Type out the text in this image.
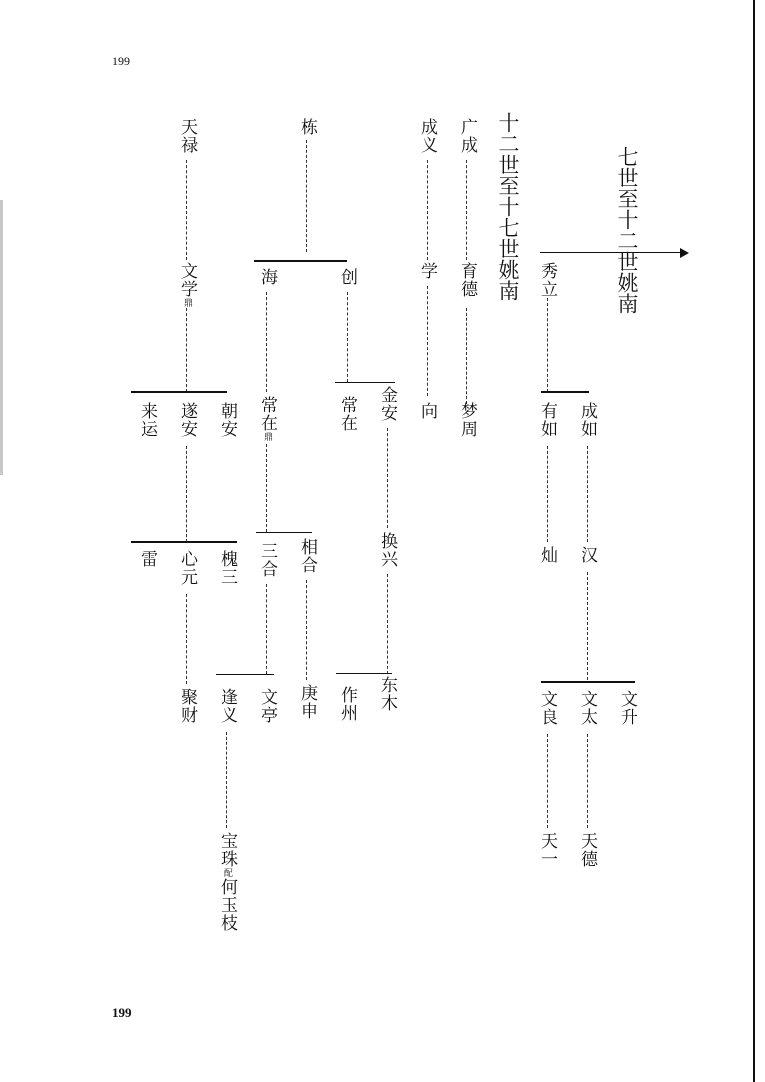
199
199
七世至十二世姚南
十二世至十七世姚南
天禄	栋	成义 广成
文学鼎
海	创	学 育德	秀立
来运 遂安 朝安 常在鼎
常在 金安 向 梦周	有如 成如
雷 心元 槐三 三合 相合	换兴	灿 汉
聚财 逢义 文亭 庚申 作州 东木	文良 文太 文升
宝珠配何玉枝
天一 天德
